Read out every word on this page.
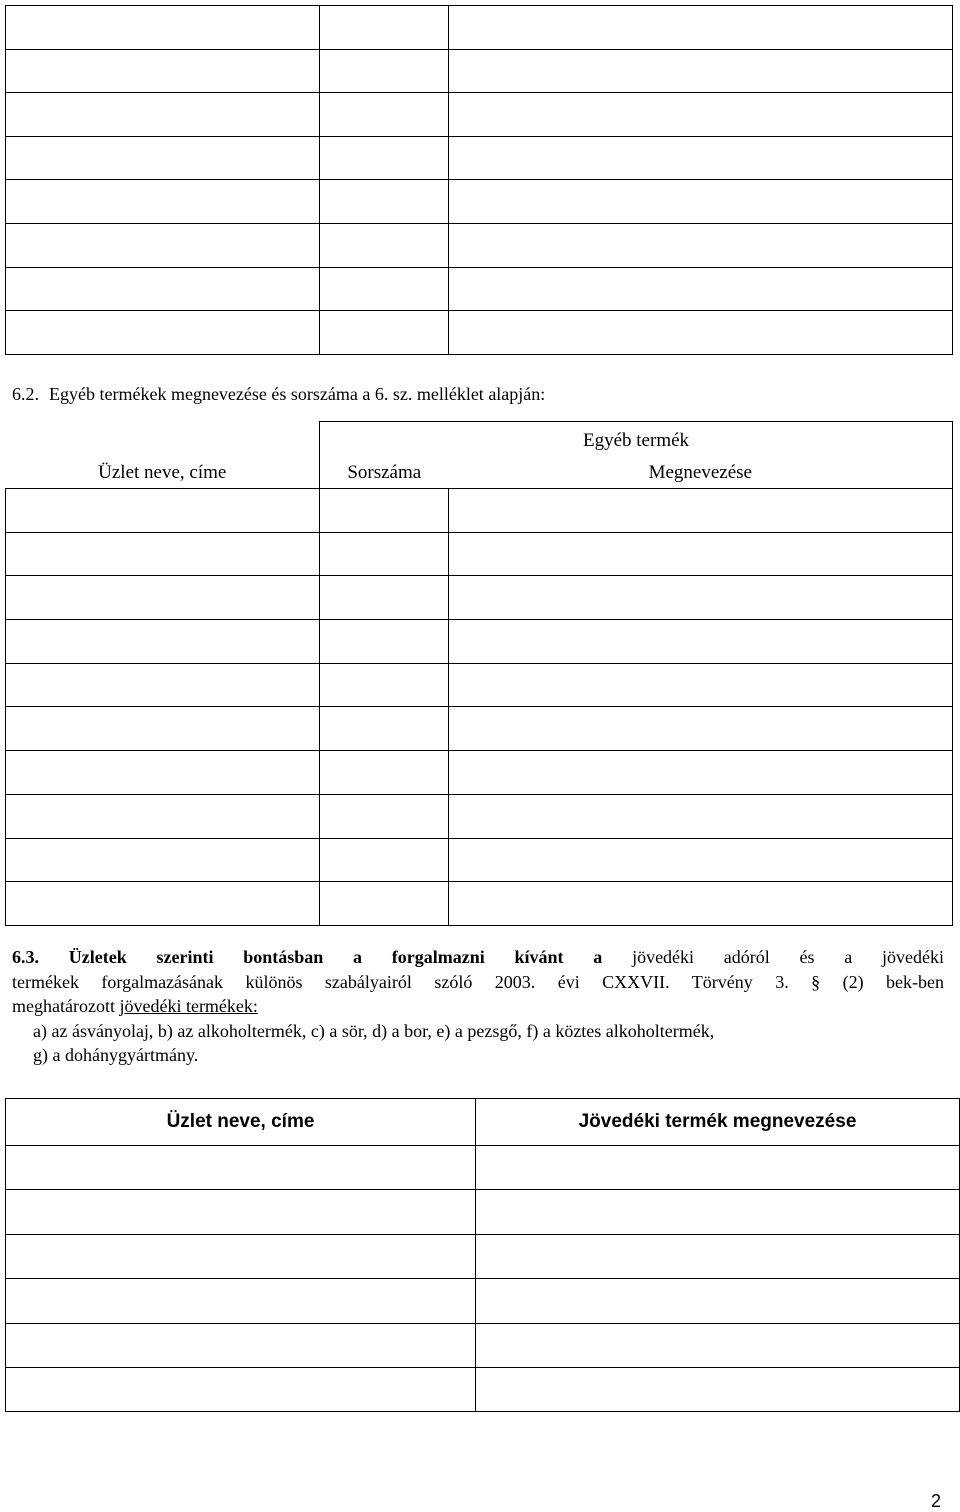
6.2. Egyéb termékek megnevezése és sorszáma a 6. sz. melléklet alapján:
Üzlet neve, címe	Egyéb termék	
	Sorszáma	Megnevezése

6.3. Üzletek szerinti bontásban a forgalmazni kívánt a jövedéki adóról és a jövedéki
termékek forgalmazásának különös szabályairól szóló 2003. évi CXXVII. Törvény 3. § (2) bek-ben
meghatározott jövedéki termékek:
a) az ásványolaj, b) az alkoholtermék, c) a sör, d) a bor, e) a pezsgő, f) a köztes alkoholtermék,
g) a dohánygyártmány.
Üzlet neve, címe	Jövedéki termék megnevezése

2
